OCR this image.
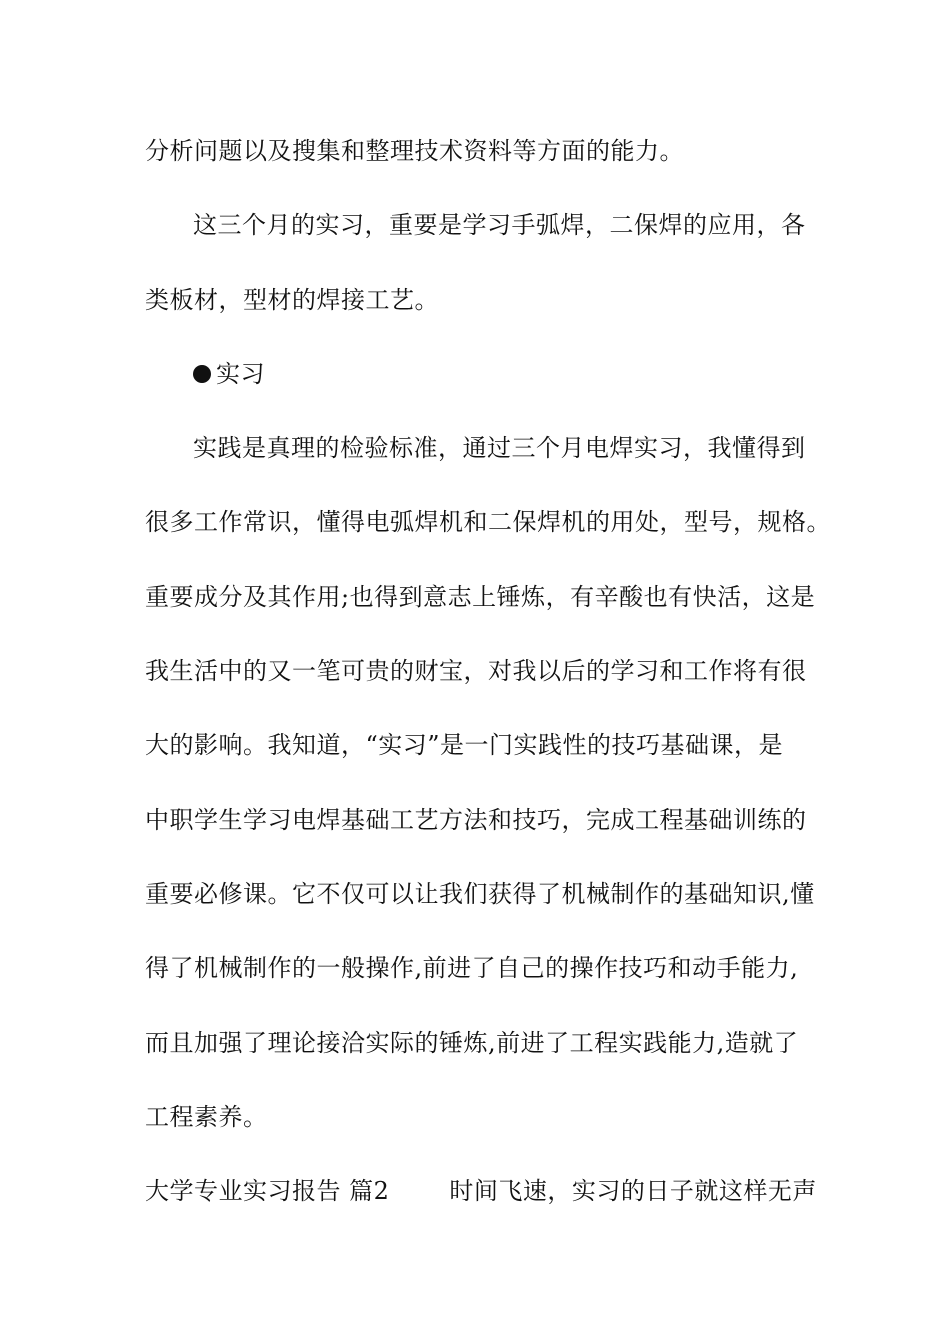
分析问题以及搜集和整理技术资料等方面的能力。
这三个月的实习，重要是学习手弧焊，二保焊的应用，各
类板材，型材的焊接工艺。
实习
实践是真理的检验标准，通过三个月电焊实习，我懂得到
很多工作常识，懂得电弧焊机和二保焊机的用处，型号，规格。
重要成分及其作用;也得到意志上锤炼，有辛酸也有快活，这是
我生活中的又一笔可贵的财宝，对我以后的学习和工作将有很
大的影响。我知道，“实习”是一门实践性的技巧基础课，是
中职学生学习电焊基础工艺方法和技巧，完成工程基础训练的
重要必修课。它不仅可以让我们获得了机械制作的基础知识,懂
得了机械制作的一般操作,前进了自己的操作技巧和动手能力,
而且加强了理论接洽实际的锤炼,前进了工程实践能力,造就了
工程素养。
大学专业实习报告 篇2	时间飞速，实习的日子就这样无声
